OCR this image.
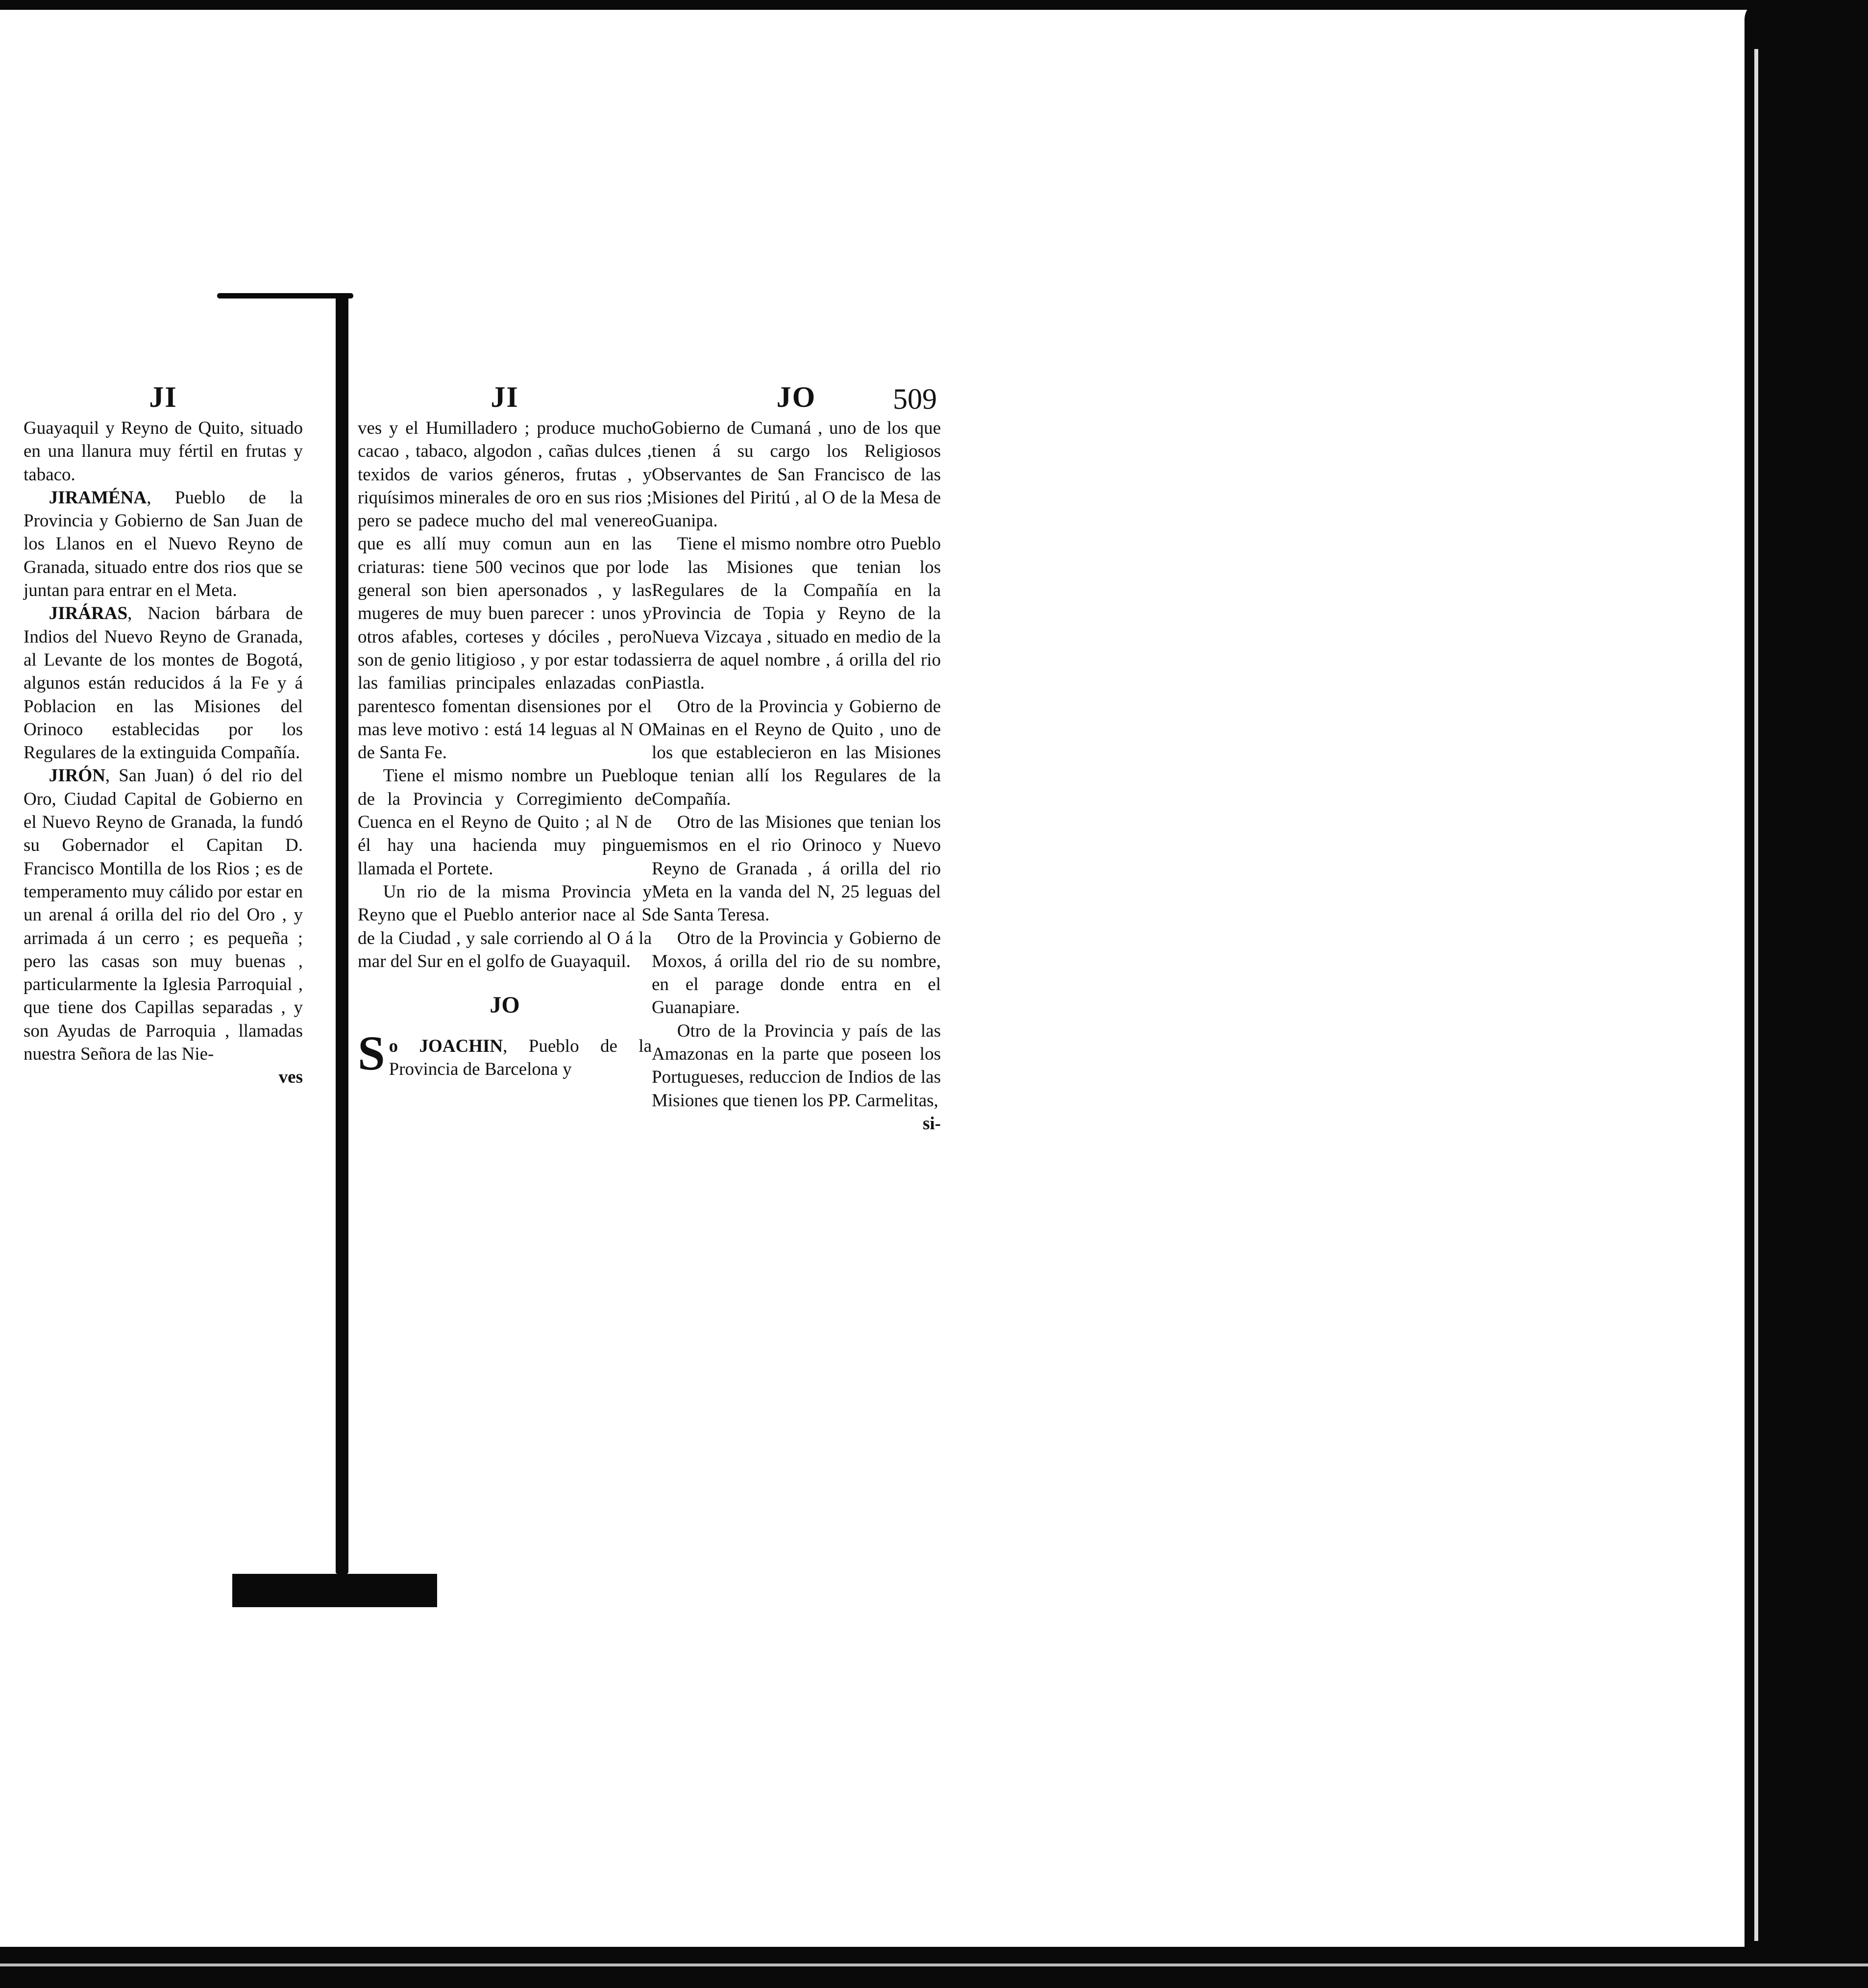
JI

Guayaquil y Reyno de Quito, situado en una llanura muy fértil en frutas y tabaco.

JIRAMÉNA, Pueblo de la Provincia y Gobierno de San Juan de los Llanos en el Nuevo Reyno de Granada, situado entre dos rios que se juntan para entrar en el Meta.

JIRÁRAS, Nacion bárbara de Indios del Nuevo Reyno de Granada, al Levante de los montes de Bogotá, algunos están reducidos á la Fe y á Poblacion en las Misiones del Orinoco establecidas por los Regulares de la extinguida Compañía.

JIRÓN, San Juan) ó del rio del Oro, Ciudad Capital de Gobierno en el Nuevo Reyno de Granada, la fundó su Gobernador el Capitan D. Francisco Montilla de los Rios ; es de temperamento muy cálido por estar en un arenal á orilla del rio del Oro , y arrimada á un cerro ; es pequeña ; pero las casas son muy buenas , particularmente la Iglesia Parroquial , que tiene dos Capillas separadas , y son Ayudas de Parroquia , llamadas nuestra Señora de las Nie-

ves

JI

ves y el Humilladero ; produce mucho cacao , tabaco, algodon , cañas dulces , texidos de varios géneros, frutas , y riquísimos minerales de oro en sus rios ; pero se padece mucho del mal venereo que es allí muy comun aun en las criaturas: tiene 500 vecinos que por lo general son bien apersonados , y las mugeres de muy buen parecer : unos y otros afables, corteses y dóciles , pero son de genio litigioso , y por estar todas las familias principales enlazadas con parentesco fomentan disensiones por el mas leve motivo : está 14 leguas al N O de Santa Fe.

Tiene el mismo nombre un Pueblo de la Provincia y Corregimiento de Cuenca en el Reyno de Quito ; al N de él hay una hacienda muy pingue llamada el Portete.

Un rio de la misma Provincia y Reyno que el Pueblo anterior nace al S de la Ciudad , y sale corriendo al O á la mar del Sur en el golfo de Guayaquil.

JO

So JOACHIN, Pueblo de la Provincia de Barcelona y

JO	509

Gobierno de Cumaná , uno de los que tienen á su cargo los Religiosos Observantes de San Francisco de las Misiones del Piritú , al O de la Mesa de Guanipa.

Tiene el mismo nombre otro Pueblo de las Misiones que tenian los Regulares de la Compañía en la Provincia de Topia y Reyno de la Nueva Vizcaya , situado en medio de la sierra de aquel nombre , á orilla del rio Piastla.

Otro de la Provincia y Gobierno de Mainas en el Reyno de Quito , uno de los que establecieron en las Misiones que tenian allí los Regulares de la Compañía.

Otro de las Misiones que tenian los mismos en el rio Orinoco y Nuevo Reyno de Granada , á orilla del rio Meta en la vanda del N, 25 leguas del de Santa Teresa.

Otro de la Provincia y Gobierno de Moxos, á orilla del rio de su nombre, en el parage donde entra en el Guanapiare.

Otro de la Provincia y país de las Amazonas en la parte que poseen los Portugueses, reduccion de Indios de las Misiones que tienen los PP. Carmelitas,

si-
